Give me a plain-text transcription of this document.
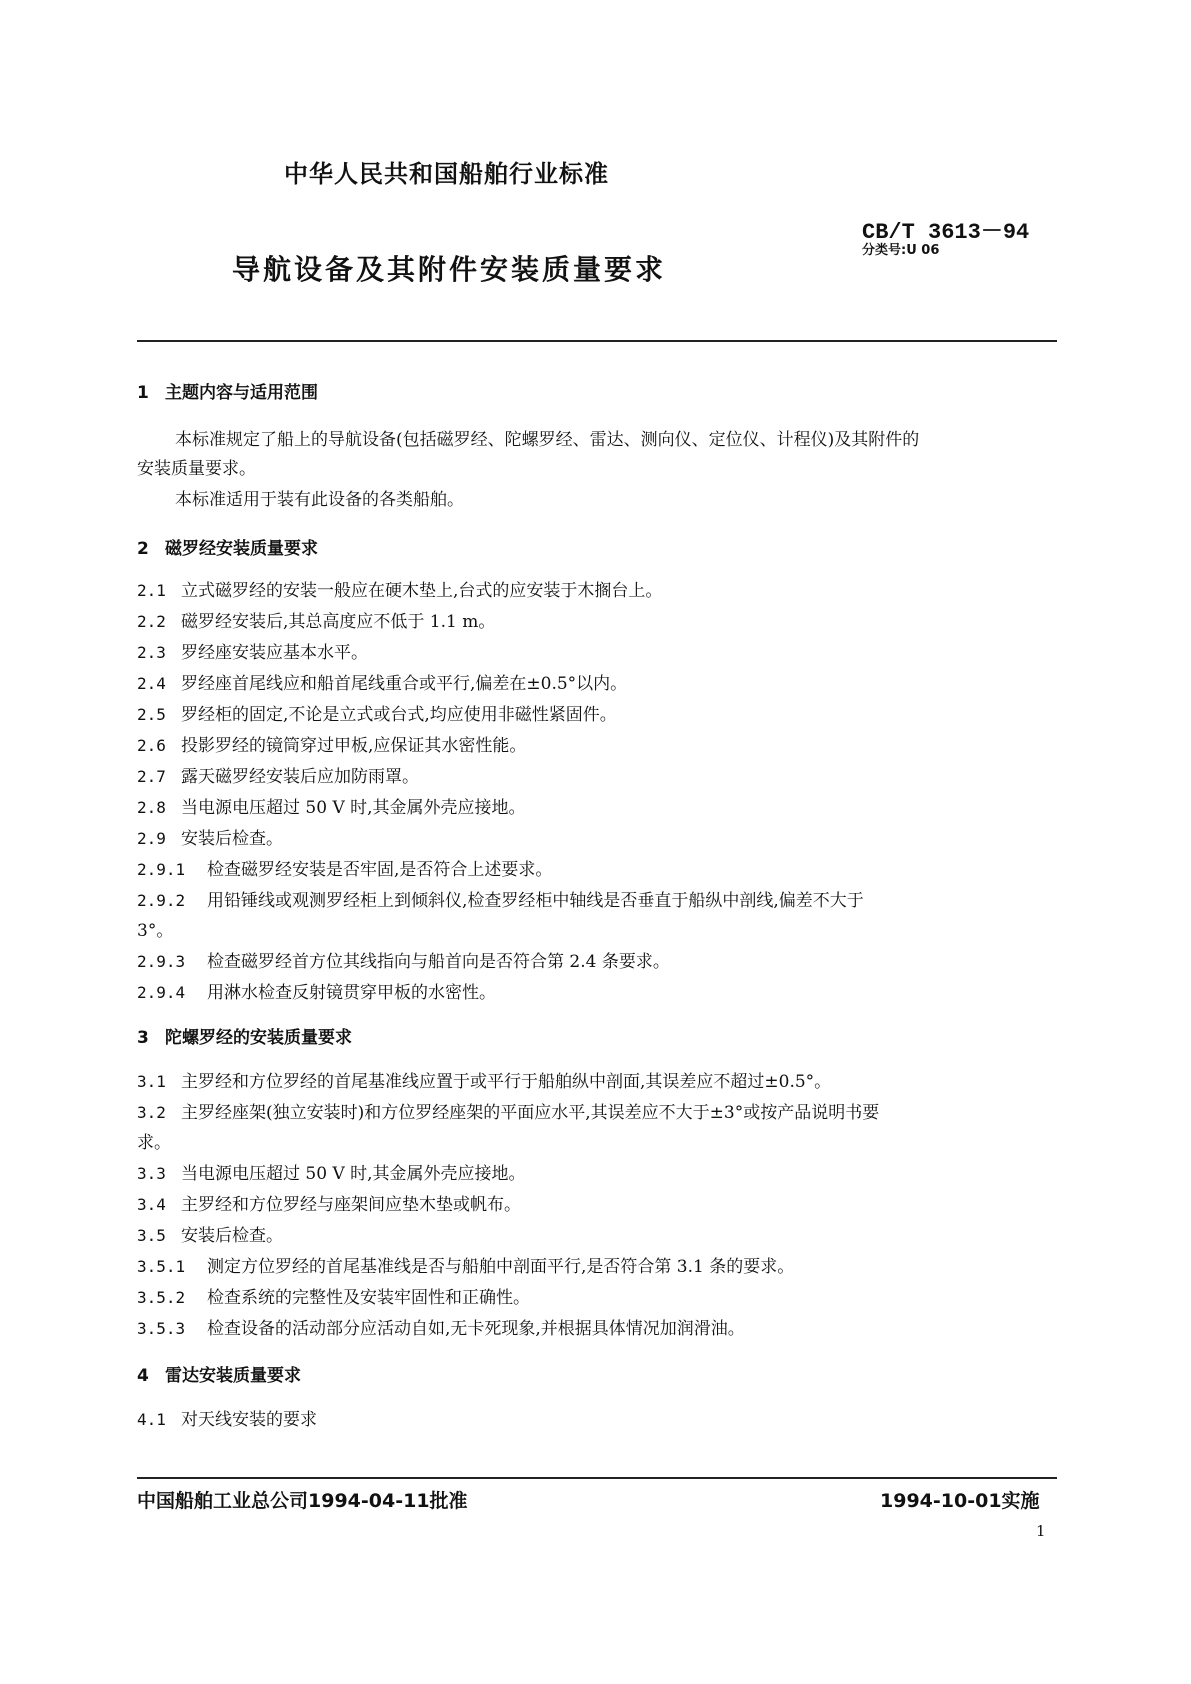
中华人民共和国船舶行业标准
CB/T 3613－94
分类号:U 06
导航设备及其附件安装质量要求
1 主题内容与适用范围
本标准规定了船上的导航设备(包括磁罗经、陀螺罗经、雷达、测向仪、定位仪、计程仪)及其附件的
安装质量要求。
本标准适用于装有此设备的各类船舶。
2 磁罗经安装质量要求
2.1 立式磁罗经的安装一般应在硬木垫上,台式的应安装于木搁台上。
2.2 磁罗经安装后,其总高度应不低于 1.1 m。
2.3 罗经座安装应基本水平。
2.4 罗经座首尾线应和船首尾线重合或平行,偏差在±0.5°以内。
2.5 罗经柜的固定,不论是立式或台式,均应使用非磁性紧固件。
2.6 投影罗经的镜筒穿过甲板,应保证其水密性能。
2.7 露天磁罗经安装后应加防雨罩。
2.8 当电源电压超过 50 V 时,其金属外壳应接地。
2.9 安装后检查。
2.9.1 检查磁罗经安装是否牢固,是否符合上述要求。
2.9.2 用铅锤线或观测罗经柜上到倾斜仪,检查罗经柜中轴线是否垂直于船纵中剖线,偏差不大于
3°。
2.9.3 检查磁罗经首方位其线指向与船首向是否符合第 2.4 条要求。
2.9.4 用淋水检查反射镜贯穿甲板的水密性。
3 陀螺罗经的安装质量要求
3.1 主罗经和方位罗经的首尾基准线应置于或平行于船舶纵中剖面,其误差应不超过±0.5°。
3.2 主罗经座架(独立安装时)和方位罗经座架的平面应水平,其误差应不大于±3°或按产品说明书要
求。
3.3 当电源电压超过 50 V 时,其金属外壳应接地。
3.4 主罗经和方位罗经与座架间应垫木垫或帆布。
3.5 安装后检查。
3.5.1 测定方位罗经的首尾基准线是否与船舶中剖面平行,是否符合第 3.1 条的要求。
3.5.2 检查系统的完整性及安装牢固性和正确性。
3.5.3 检查设备的活动部分应活动自如,无卡死现象,并根据具体情况加润滑油。
4 雷达安装质量要求
4.1 对天线安装的要求
中国船舶工业总公司1994-04-11批准	1994-10-01实施
1
